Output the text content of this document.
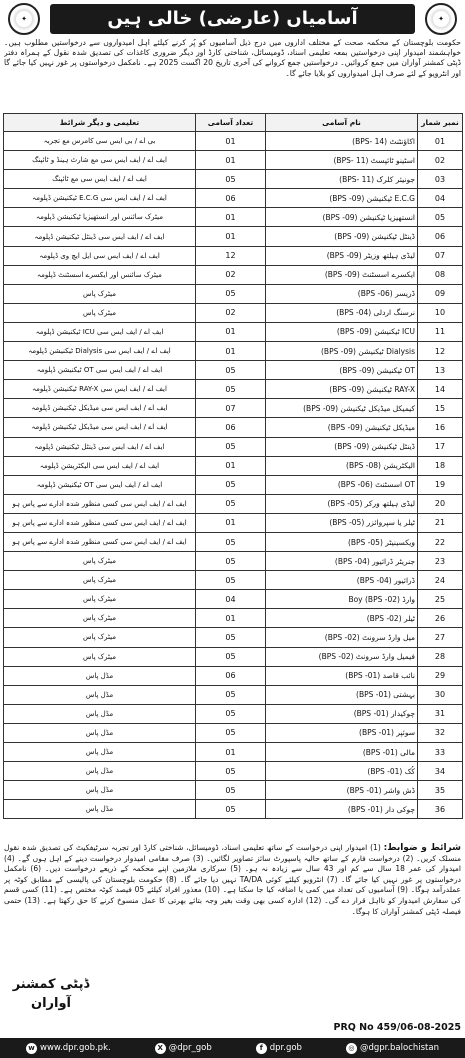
✦	آسامیاں (عارضی) خالی ہیں	✦
حکومت بلوچستان کے محکمہ صحت کے مختلف اداروں میں درج ذیل آسامیوں کو پُر کرنے کیلئے اہل امیدواروں سے درخواستیں مطلوب ہیں۔ خواہشمند امیدوار اپنی درخواستیں بمعہ تعلیمی اسناد، ڈومیسائل، شناختی کارڈ اور دیگر ضروری کاغذات کی تصدیق شدہ نقول کے ہمراہ دفتر ڈپٹی کمشنر آواران میں جمع کروائیں۔ درخواستیں جمع کروانے کی آخری تاریخ 20 اگست 2025 ہے۔ نامکمل درخواستوں پر غور نہیں کیا جائے گا اور انٹرویو کے لئے صرف اہل امیدواروں کو بلایا جائے گا۔
تعلیمی و دیگر شرائط	تعداد آسامی	نام آسامی	نمبر شمار
بی اے / بی ایس سی کامرس مع تجربہ	01	اکاؤنٹنٹ (BPS- 14)	01
ایف اے / ایف ایس سی مع شارٹ ہینڈ و ٹائپنگ	01	اسٹینو ٹائپسٹ (BPS- 11)	02
ایف اے / ایف ایس سی مع ٹائپنگ	05	جونیئر کلرک (BPS- 11)	03
ایف اے / ایف ایس سی E.C.G ٹیکنیشن ڈپلومہ	06	E.C.G ٹیکنیشن (BPS -09)	04
میٹرک سائنس اور انستھیزیا ٹیکنیشن ڈپلومہ	01	انستھیزیا ٹیکنیشن (BPS -09)	05
ایف اے / ایف ایس سی ڈینٹل ٹیکنیشن ڈپلومہ	01	ڈینٹل ٹیکنیشن (BPS -09)	06
ایف اے / ایف ایس سی ایل ایچ وی ڈپلومہ	12	لیڈی ہیلتھ وزیٹر (BPS -09)	07
میٹرک سائنس اور ایکسرے اسسٹنٹ ڈپلومہ	02	ایکسرے اسسٹنٹ (BPS -09)	08
میٹرک پاس	05	ڈریسر (BPS -06)	09
میٹرک پاس	02	نرسنگ اردلی (BPS -04)	10
ایف اے / ایف ایس سی ICU ٹیکنیشن ڈپلومہ	01	ICU ٹیکنیشن (BPS -09)	11
ایف اے / ایف ایس سی Dialysis ٹیکنیشن ڈپلومہ	01	Dialysis ٹیکنیشن (BPS -09)	12
ایف اے / ایف ایس سی OT ٹیکنیشن ڈپلومہ	05	OT ٹیکنیشن (BPS -09)	13
ایف اے / ایف ایس سی RAY-X ٹیکنیشن ڈپلومہ	05	RAY-X ٹیکنیشن (BPS -09)	14
ایف اے / ایف ایس سی میڈیکل ٹیکنیشن ڈپلومہ	07	کیمیکل میڈیکل ٹیکنیشن (BPS -09)	15
ایف اے / ایف ایس سی میڈیکل ٹیکنیشن ڈپلومہ	06	میڈیکل ٹیکنیشن (BPS -09)	16
ایف اے / ایف ایس سی ڈینٹل ٹیکنیشن ڈپلومہ	05	ڈینٹل ٹیکنیشن (BPS -09)	17
ایف اے / ایف ایس سی الیکٹریشن ڈپلومہ	01	الیکٹریشن (BPS -08)	18
ایف اے / ایف ایس سی OT ٹیکنیشن ڈپلومہ	05	OT اسسٹنٹ (BPS -06)	19
ایف اے / ایف ایس سی کسی منظور شدہ ادارے سے پاس ہو	05	لیڈی ہیلتھ ورکر (BPS -05)	20
ایف اے / ایف ایس سی کسی منظور شدہ ادارے سے پاس ہو	01	ٹیلر یا سپروائزر (BPS -05)	21
ایف اے / ایف ایس سی کسی منظور شدہ ادارے سے پاس ہو	05	ویکسینیٹر (BPS -05)	22
میٹرک پاس	05	جنریٹر ڈرائیور (BPS -04)	23
میٹرک پاس	05	ڈرائیور (BPS -04)	24
میٹرک پاس	04	وارڈ Boy (BPS -02)	25
میٹرک پاس	01	ٹیلر (BPS -02)	26
میٹرک پاس	05	میل وارڈ سرونٹ (BPS -02)	27
میٹرک پاس	05	فیمیل وارڈ سرونٹ (BPS -02)	28
مڈل پاس	06	نائب قاصد (BPS -01)	29
مڈل پاس	05	بہشتی (BPS -01)	30
مڈل پاس	05	چوکیدار (BPS -01)	31
مڈل پاس	05	سوئپر (BPS -01)	32
مڈل پاس	01	مالی (BPS -01)	33
مڈل پاس	05	کُک (BPS -01)	34
مڈل پاس	05	ڈش واشر (BPS -01)	35
مڈل پاس	05	چوکی دار (BPS -01)	36
شرائط و ضوابط: (1) امیدوار اپنی درخواست کے ساتھ تعلیمی اسناد، ڈومیسائل، شناختی کارڈ اور تجربہ سرٹیفکیٹ کی تصدیق شدہ نقول منسلک کریں۔ (2) درخواست فارم کے ساتھ حالیہ پاسپورٹ سائز تصاویر لگائیں۔ (3) صرف مقامی امیدوار درخواست دینے کے اہل ہوں گے۔ (4) امیدوار کی عمر 18 سال سے کم اور 43 سال سے زیادہ نہ ہو۔ (5) سرکاری ملازمین اپنے محکمہ کے ذریعے درخواست دیں۔ (6) نامکمل درخواستوں پر غور نہیں کیا جائے گا۔ (7) انٹرویو کیلئے کوئی TA/DA نہیں دیا جائے گا۔ (8) حکومت بلوچستان کی پالیسی کے مطابق کوٹہ پر عملدرآمد ہوگا۔ (9) آسامیوں کی تعداد میں کمی یا اضافہ کیا جا سکتا ہے۔ (10) معذور افراد کیلئے 05 فیصد کوٹہ مختص ہے۔ (11) کسی قسم کی سفارش امیدوار کو نااہل قرار دے گی۔ (12) ادارہ کسی بھی وقت بغیر وجہ بتائے بھرتی کا عمل منسوخ کرنے کا حق رکھتا ہے۔ (13) حتمی فیصلہ ڈپٹی کمشنر آواران کا ہوگا۔
ڈپٹی کمشنر
آواران
PRQ No 459/06-08-2025
w www.dpr.gob.pk.	X @dpr_gob	f dpr.gob	◎ @dgpr.balochistan
